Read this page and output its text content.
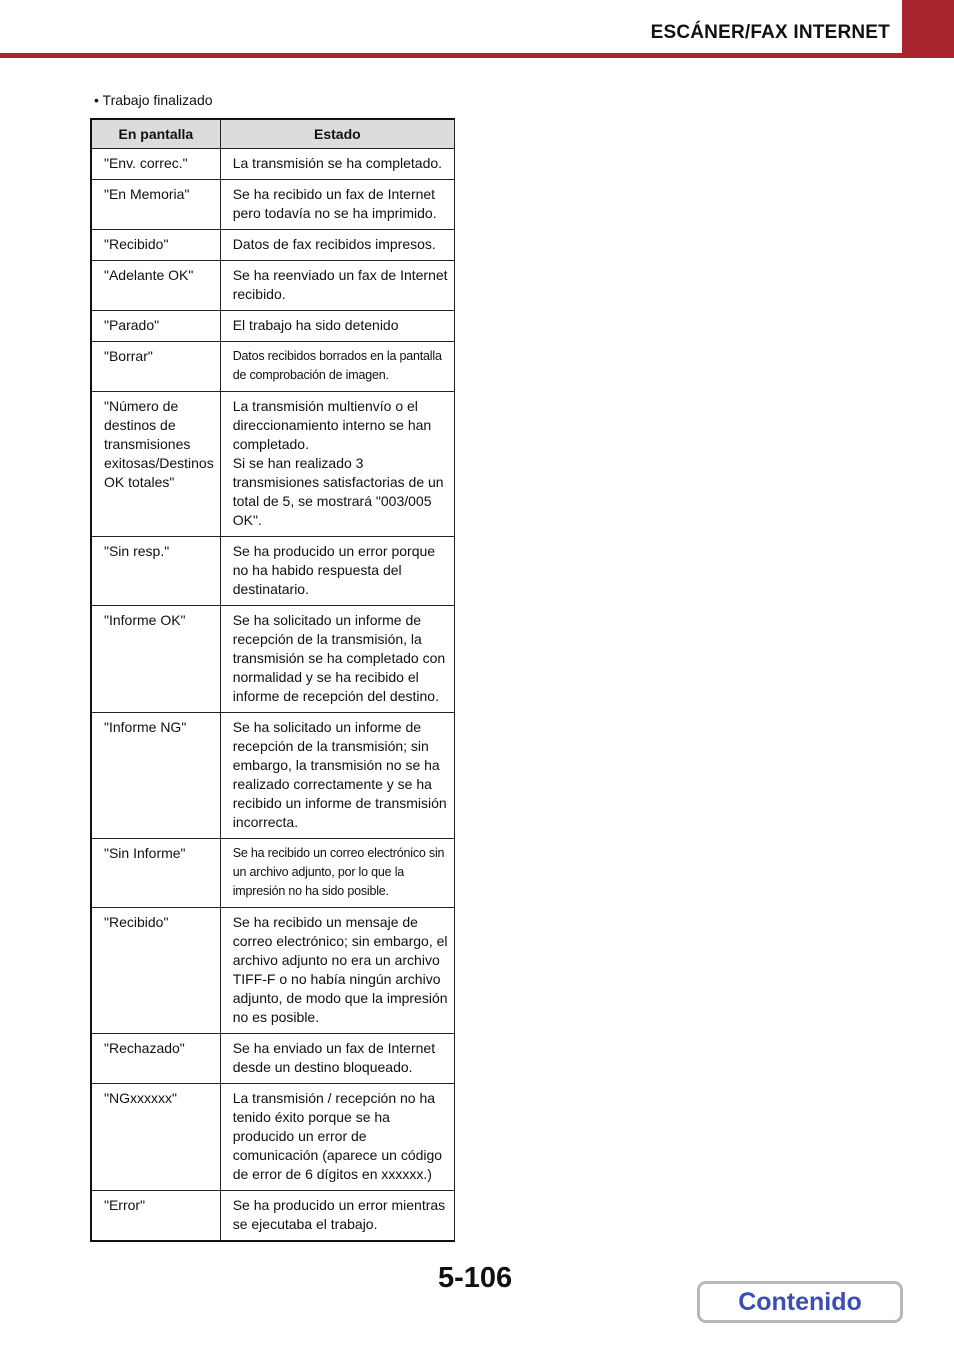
ESCÁNER/FAX INTERNET
• Trabajo finalizado
En pantalla	Estado
"Env. correc."	La transmisión se ha completado.
"En Memoria"	Se ha recibido un fax de Internet pero todavía no se ha imprimido.
"Recibido"	Datos de fax recibidos impresos.
"Adelante OK"	Se ha reenviado un fax de Internet recibido.
"Parado"	El trabajo ha sido detenido
"Borrar"	Datos recibidos borrados en la pantalla de comprobación de imagen.
"Número de destinos de transmisiones exitosas/Destinos OK totales"	La transmisión multienvío o el direccionamiento interno se han completado.
Si se han realizado 3 transmisiones satisfactorias de un total de 5, se mostrará "003/005 OK".
"Sin resp."	Se ha producido un error porque no ha habido respuesta del destinatario.
"Informe OK"	Se ha solicitado un informe de recepción de la transmisión, la transmisión se ha completado con normalidad y se ha recibido el informe de recepción del destino.
"Informe NG"	Se ha solicitado un informe de recepción de la transmisión; sin embargo, la transmisión no se ha realizado correctamente y se ha recibido un informe de transmisión incorrecta.
"Sin Informe"	Se ha recibido un correo electrónico sin un archivo adjunto, por lo que la impresión no ha sido posible.
"Recibido"	Se ha recibido un mensaje de correo electrónico; sin embargo, el archivo adjunto no era un archivo TIFF-F o no había ningún archivo adjunto, de modo que la impresión no es posible.
"Rechazado"	Se ha enviado un fax de Internet desde un destino bloqueado.
"NGxxxxxx"	La transmisión / recepción no ha tenido éxito porque se ha producido un error de comunicación (aparece un código de error de 6 dígitos en xxxxxx.)
"Error"	Se ha producido un error mientras se ejecutaba el trabajo.
5-106
Contenido
